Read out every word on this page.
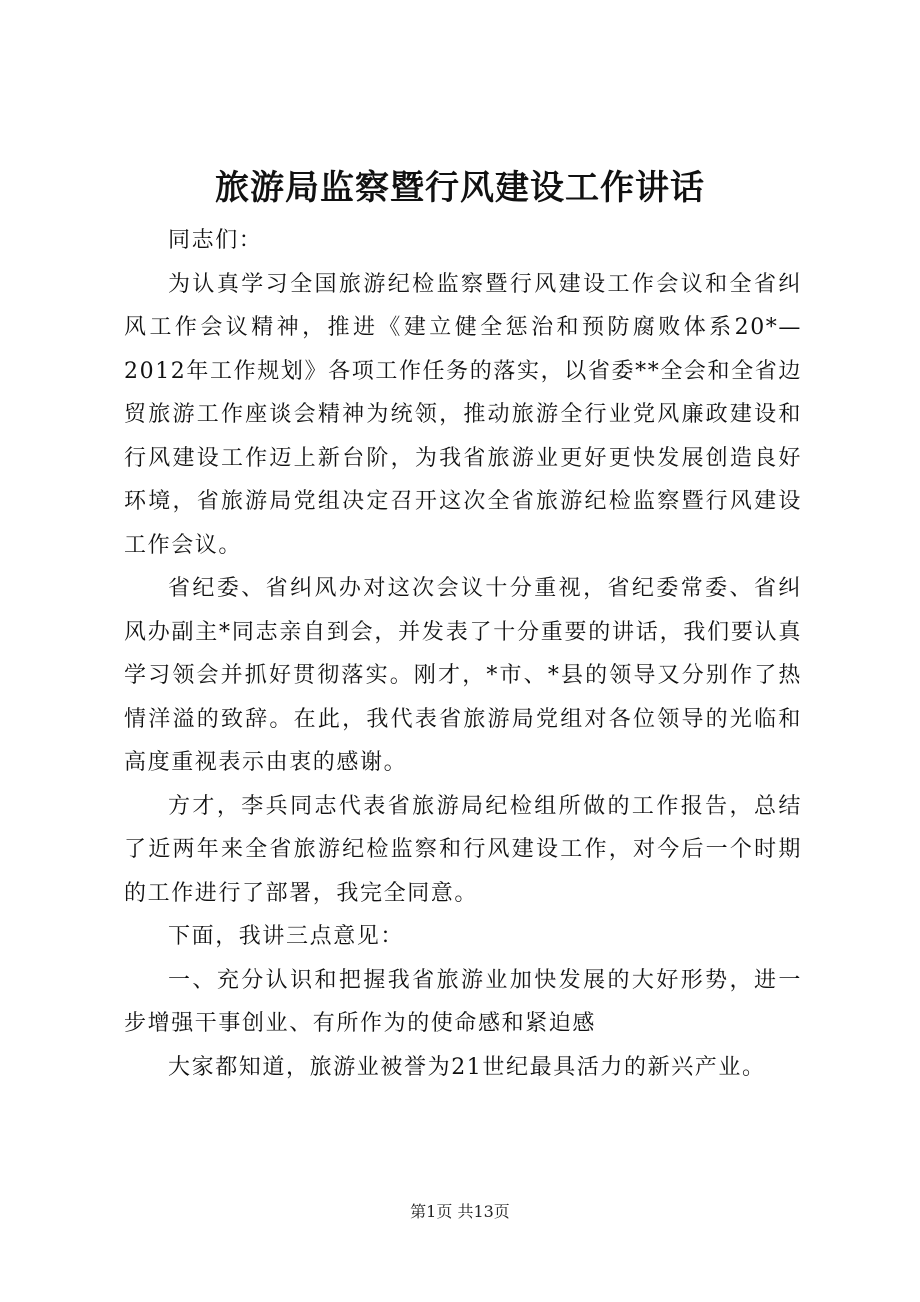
旅游局监察暨行风建设工作讲话

同志们：

为认真学习全国旅游纪检监察暨行风建设工作会议和全省纠风工作会议精神，推进《建立健全惩治和预防腐败体系20*—2012年工作规划》各项工作任务的落实，以省委**全会和全省边贸旅游工作座谈会精神为统领，推动旅游全行业党风廉政建设和行风建设工作迈上新台阶，为我省旅游业更好更快发展创造良好环境，省旅游局党组决定召开这次全省旅游纪检监察暨行风建设工作会议。

省纪委、省纠风办对这次会议十分重视，省纪委常委、省纠风办副主*同志亲自到会，并发表了十分重要的讲话，我们要认真学习领会并抓好贯彻落实。刚才，*市、*县的领导又分别作了热情洋溢的致辞。在此，我代表省旅游局党组对各位领导的光临和高度重视表示由衷的感谢。

方才，李兵同志代表省旅游局纪检组所做的工作报告，总结了近两年来全省旅游纪检监察和行风建设工作，对今后一个时期的工作进行了部署，我完全同意。

下面，我讲三点意见：

一、充分认识和把握我省旅游业加快发展的大好形势，进一步增强干事创业、有所作为的使命感和紧迫感

大家都知道，旅游业被誉为21世纪最具活力的新兴产业。

第1页 共13页
